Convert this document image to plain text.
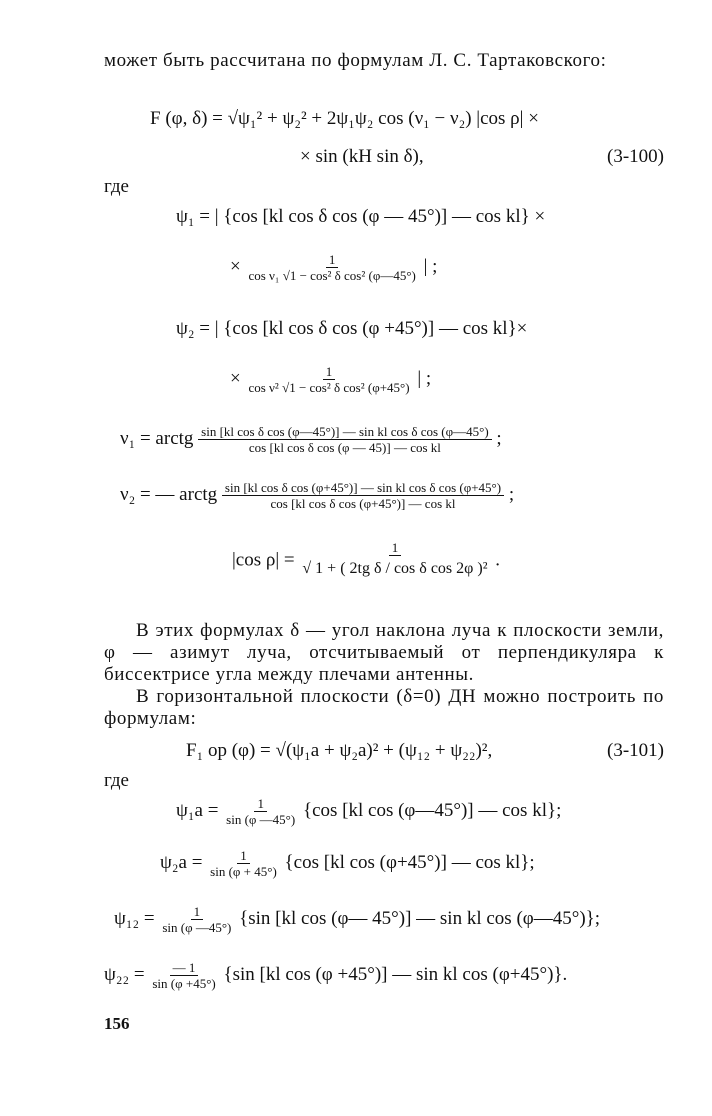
может быть рассчитана по формулам Л. С. Тартаковского:
F (φ, δ) = √ψ₁² + ψ₂² + 2ψ₁ψ₂ cos (ν₁ − ν₂) |cos ρ| ×
× sin (kH sin δ),	(3-100)
где
ψ₁ = | {cos [kl cos δ cos (φ — 45°)] — cos kl} ×
× $\frac{1}{\text{cos ν₁ √1 − cos² δ cos² (φ—45°)}}$ | ;
ψ₂ = | {cos [kl cos δ cos (φ +45°)] — cos kl}×
× $\frac{1}{\text{cos ν² √1 − cos² δ cos² (φ+45°)}}$ | ;
ν₁ = arctg $\frac{\text{sin [kl cos δ cos (φ—45°)] — sin kl cos δ cos (φ—45°)}}{\text{cos [kl cos δ cos (φ — 45)] — cos kl}}$ ;
ν₂ = — arctg $\frac{\text{sin [kl cos δ cos (φ+45°)] — sin kl cos δ cos (φ+45°)}}{\text{cos [kl cos δ cos (φ+45°)] — cos kl}}$ ;
|cos $\rho| = \frac{1}{\text{√ 1 + ( 2tg δ / cos δ cos 2φ )²}}$ .
В этих формулах δ — угол наклона луча к плоскости земли, φ — азимут луча, отсчитываемый от перпендикуляра к биссектрисе угла между плечами антенны.
В горизонтальной плоскости (δ=0) ДН можно построить по формулам:
F₁ ор (φ) = √(ψ₁а + ψ₂а)² + (ψ₁₂ + ψ₂₂)²,	(3-101)
где
$\psi_1а = \frac{1}{\sin (\varphi —45^\circ)} \{\cos$ [kl cos (φ—45°)] — cos kl};
$\psi_2а = \frac{1}{\sin (\varphi + 45^\circ)} \{\cos$ [kl cos (φ+45°)] — cos kl};
$\psi_{12} = \frac{1}{\sin (\varphi —45^\circ)} \{\sin$ [kl cos (φ— 45°)] — sin kl cos (φ—45°)};
$\psi_{22} = \frac{— 1}{\sin (\varphi +45^\circ)} \{\sin$ [kl cos (φ +45°)] — sin kl cos (φ+45°)}.
156
